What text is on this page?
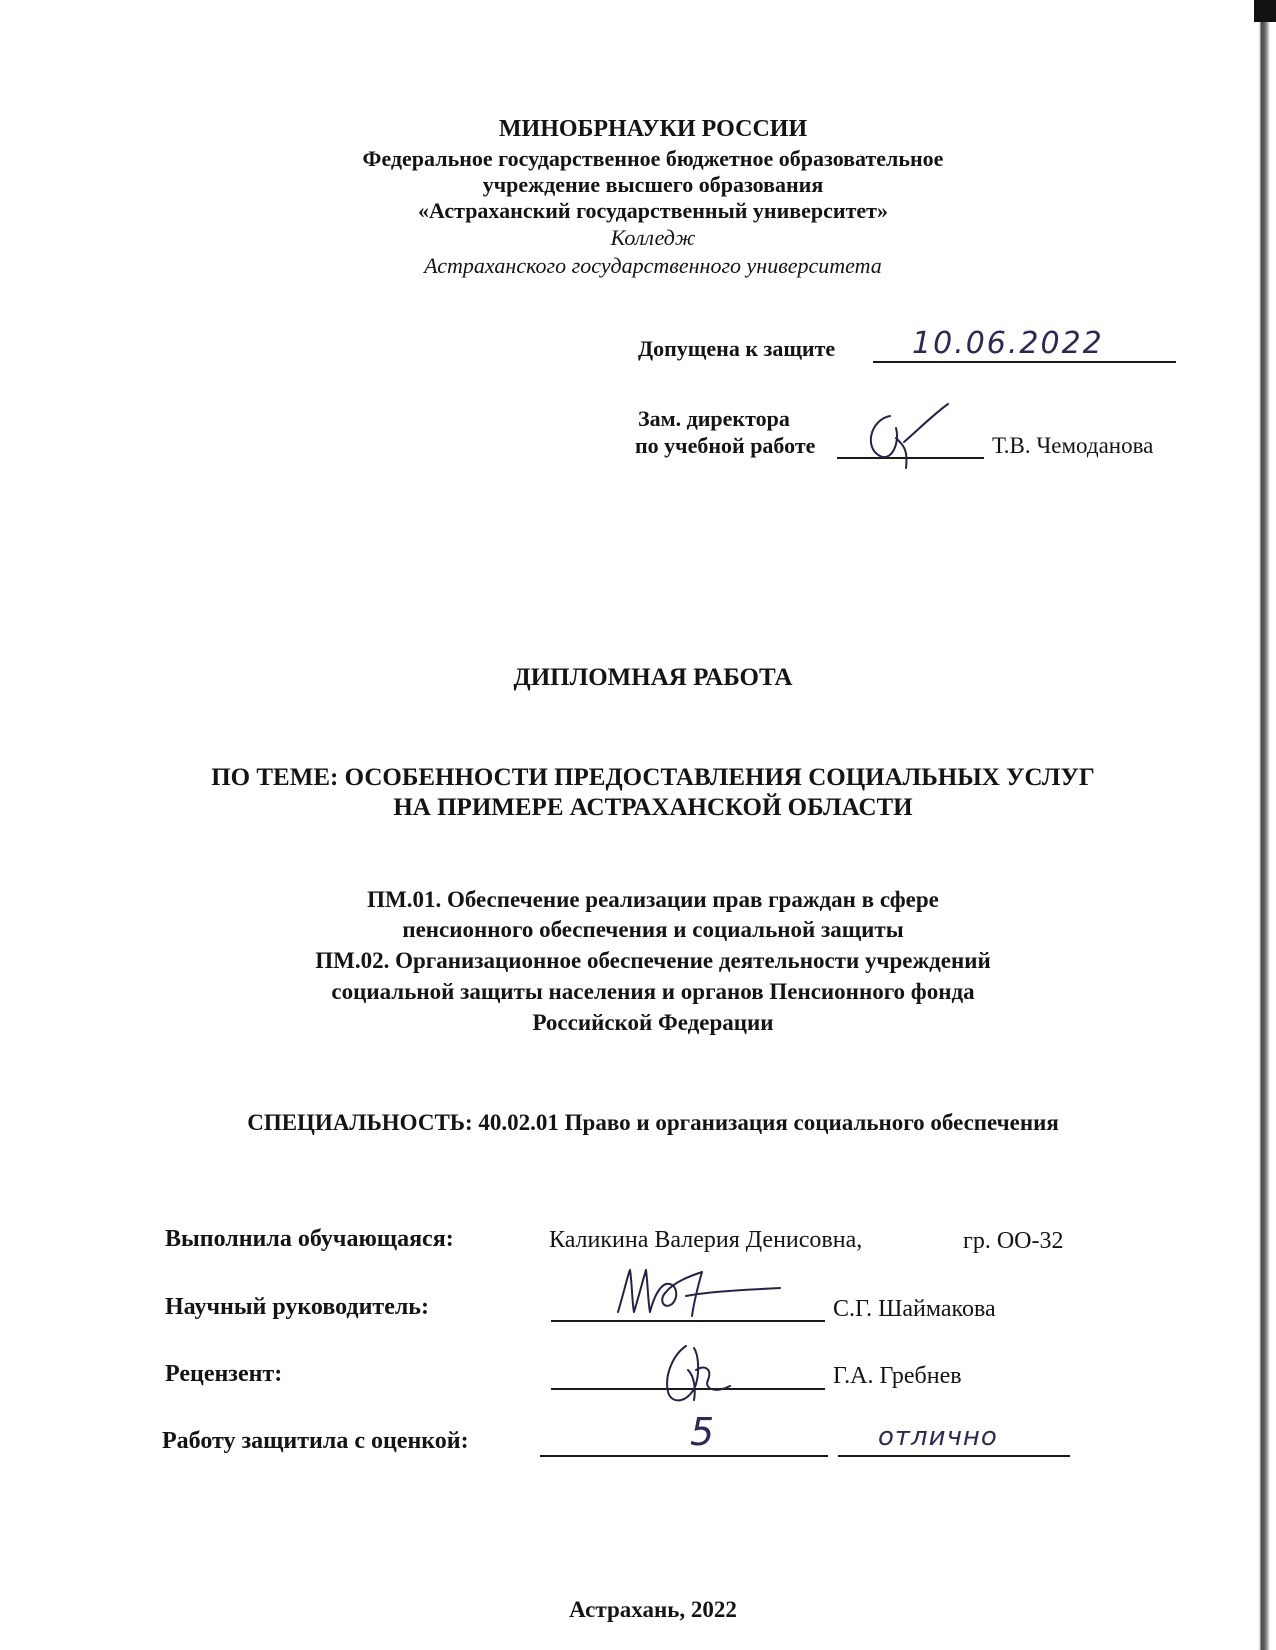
МИНОБРНАУКИ РОССИИ
Федеральное государственное бюджетное образовательное
учреждение высшего образования
«Астраханский государственный университет»
Колледж
Астраханского государственного университета
Допущена к защите	10.06.2022
Зам. директора
по учебной работе	Т.В. Чемоданова
ДИПЛОМНАЯ РАБОТА
ПО ТЕМЕ: ОСОБЕННОСТИ ПРЕДОСТАВЛЕНИЯ СОЦИАЛЬНЫХ УСЛУГ
НА ПРИМЕРЕ АСТРАХАНСКОЙ ОБЛАСТИ
ПМ.01. Обеспечение реализации прав граждан в сфере
пенсионного обеспечения и социальной защиты
ПМ.02. Организационное обеспечение деятельности учреждений
социальной защиты населения и органов Пенсионного фонда
Российской Федерации
СПЕЦИАЛЬНОСТЬ: 40.02.01 Право и организация социального обеспечения
Выполнила обучающаяся:	Каликина Валерия Денисовна,	гр. ОО-32
Научный руководитель:	С.Г. Шаймакова
Рецензент:	Г.А. Гребнев
Работу защитила с оценкой:	5	отлично
Астрахань, 2022
